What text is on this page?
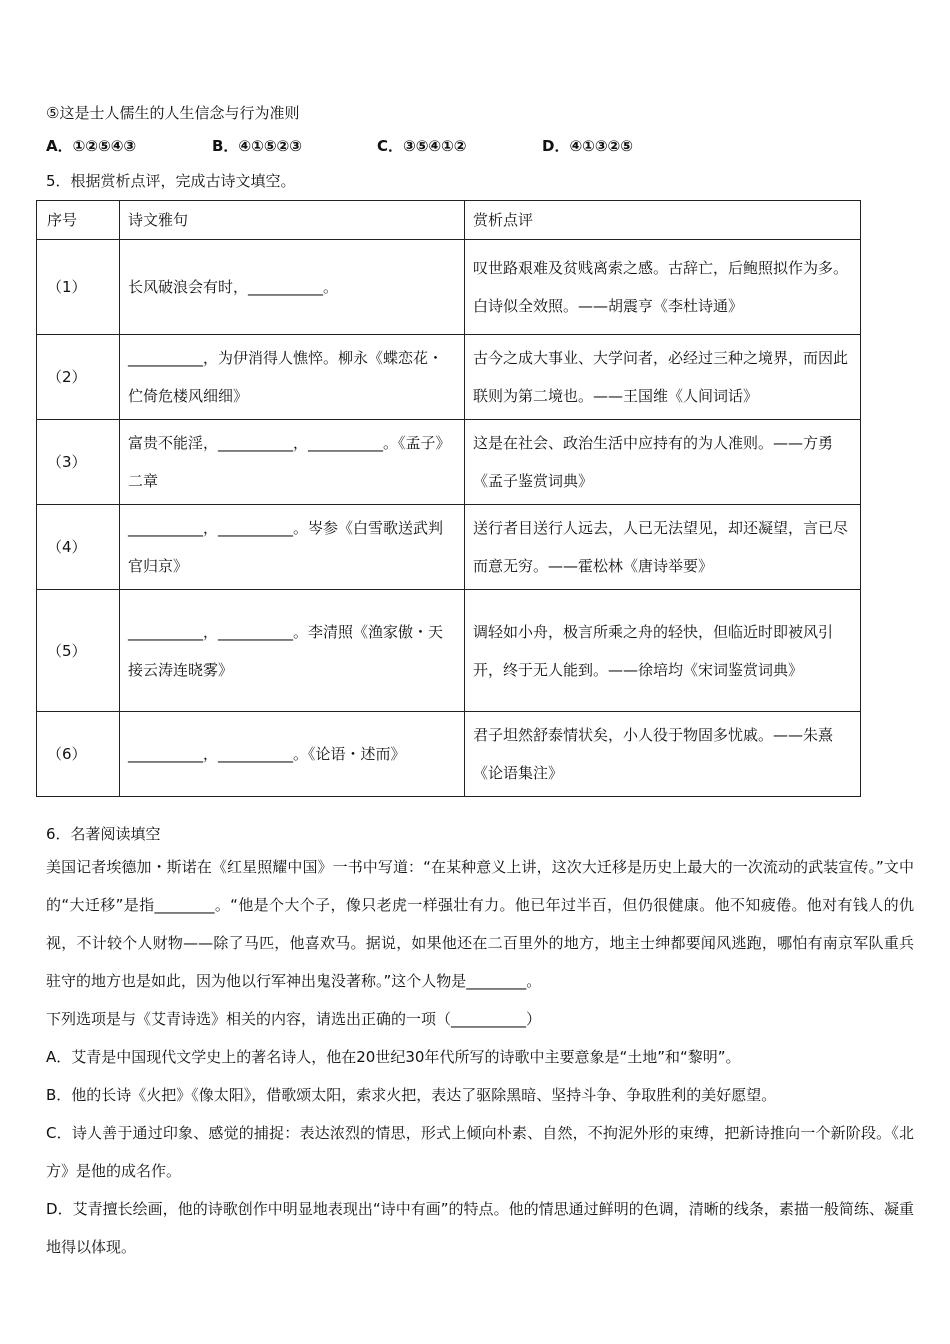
⑤这是士人儒生的人生信念与行为准则
A．①②⑤④③	B．④①⑤②③	C．③⑤④①②	D．④①③②⑤
5．根据赏析点评，完成古诗文填空。
序号	诗文雅句	赏析点评
（1）	长风破浪会有时，__________。	叹世路艰难及贫贱离索之感。古辞亡，后鲍照拟作为多。白诗似全效照。——胡震亨《李杜诗通》
（2）	__________，为伊消得人憔悴。柳永《蝶恋花・伫倚危楼风细细》	古今之成大事业、大学问者，必经过三种之境界，而因此联则为第二境也。——王国维《人间词话》
（3）	富贵不能淫，__________，__________。《孟子》二章	这是在社会、政治生活中应持有的为人准则。——方勇《孟子鉴赏词典》
（4）	__________，__________。岑参《白雪歌送武判官归京》	送行者目送行人远去，人已无法望见，却还凝望，言已尽而意无穷。——霍松林《唐诗举要》
（5）	__________，__________。李清照《渔家傲・天接云涛连晓雾》	调轻如小舟，极言所乘之舟的轻快，但临近时即被风引开，终于无人能到。——徐培均《宋词鉴赏词典》
（6）	__________，__________。《论语・述而》	君子坦然舒泰情状矣，小人役于物固多忧戚。——朱熹《论语集注》
6．名著阅读填空
美国记者埃德加・斯诺在《红星照耀中国》一书中写道：“在某种意义上讲，这次大迁移是历史上最大的一次流动的武装宣传。”文中的“大迁移”是指________。“他是个大个子，像只老虎一样强壮有力。他已年过半百，但仍很健康。他不知疲倦。他对有钱人的仇视，不计较个人财物——除了马匹，他喜欢马。据说，如果他还在二百里外的地方，地主士绅都要闻风逃跑，哪怕有南京军队重兵驻守的地方也是如此，因为他以行军神出鬼没著称。”这个人物是________。
下列选项是与《艾青诗选》相关的内容，请选出正确的一项（__________）
A．艾青是中国现代文学史上的著名诗人，他在20世纪30年代所写的诗歌中主要意象是“土地”和“黎明”。
B．他的长诗《火把》《像太阳》，借歌颂太阳，索求火把，表达了驱除黑暗、坚持斗争、争取胜利的美好愿望。
C．诗人善于通过印象、感觉的捕捉：表达浓烈的情思，形式上倾向朴素、自然，不拘泥外形的束缚，把新诗推向一个新阶段。《北方》是他的成名作。
D．艾青擅长绘画，他的诗歌创作中明显地表现出“诗中有画”的特点。他的情思通过鲜明的色调，清晰的线条，素描一般简练、凝重地得以体现。
